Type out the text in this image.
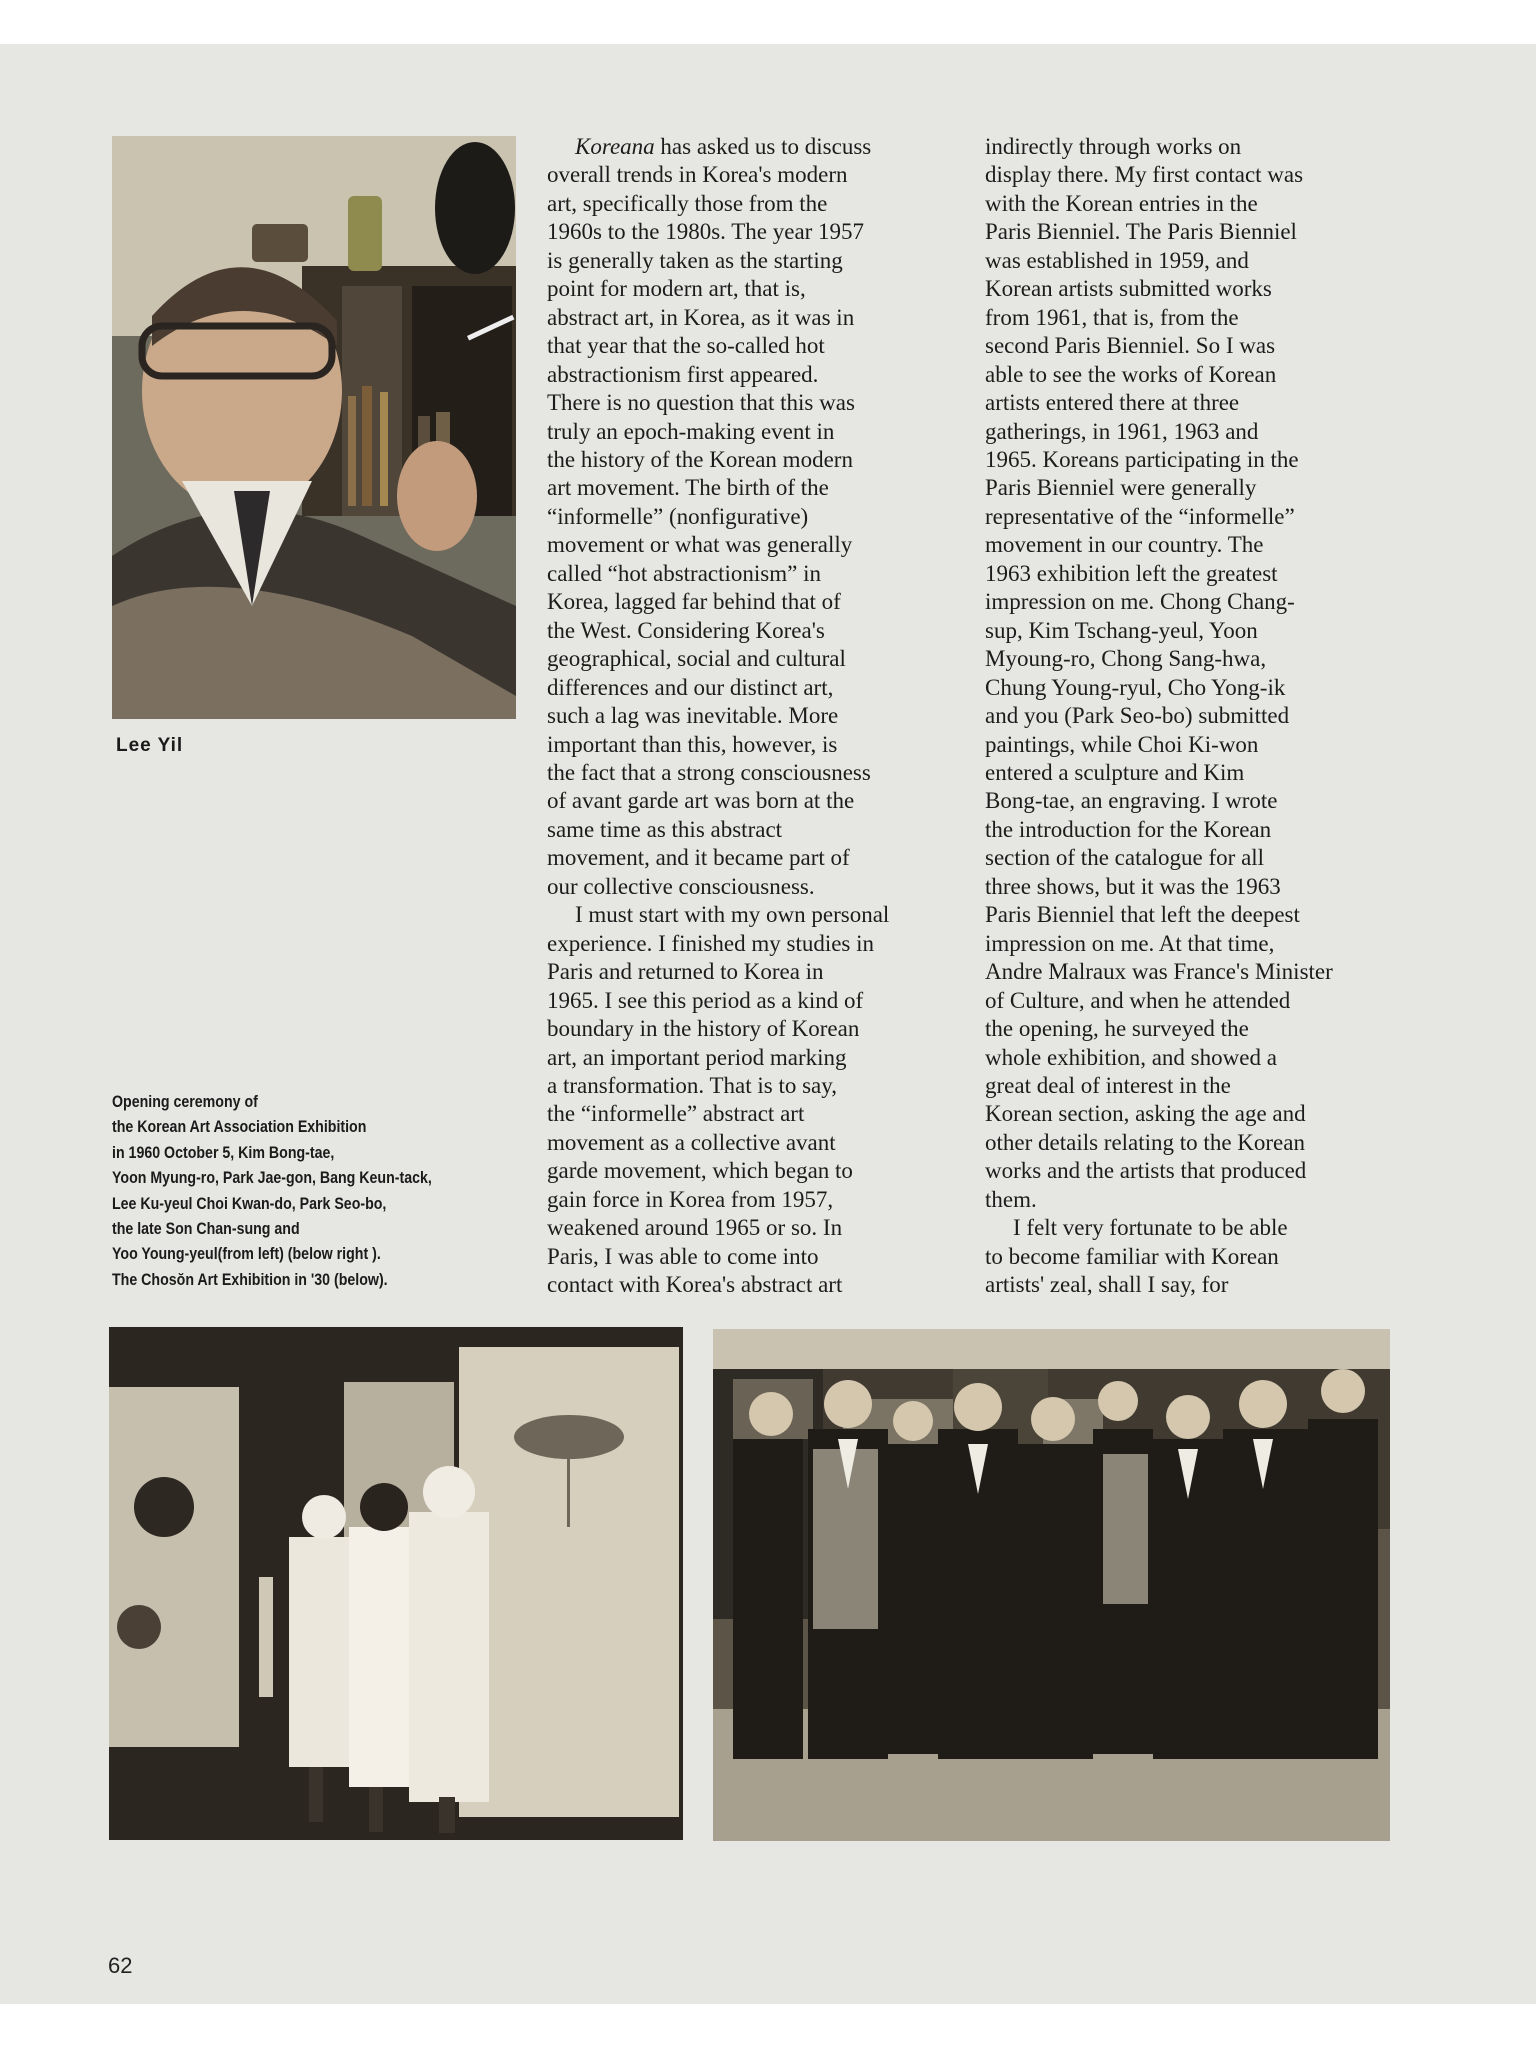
Lee Yil
Opening ceremony of
the Korean Art Association Exhibition
in 1960 October 5, Kim Bong-tae,
Yoon Myung-ro, Park Jae-gon, Bang Keun-tack,
Lee Ku-yeul Choi Kwan-do, Park Seo-bo,
the late Son Chan-sung and
Yoo Young-yeul(from left) (below right ).
The Chosŏn Art Exhibition in '30 (below).
Koreana has asked us to discuss
overall trends in Korea's modern
art, specifically those from the
1960s to the 1980s. The year 1957
is generally taken as the starting
point for modern art, that is,
abstract art, in Korea, as it was in
that year that the so-called hot
abstractionism first appeared.
There is no question that this was
truly an epoch-making event in
the history of the Korean modern
art movement. The birth of the
“informelle” (nonfigurative)
movement or what was generally
called “hot abstractionism” in
Korea, lagged far behind that of
the West. Considering Korea's
geographical, social and cultural
differences and our distinct art,
such a lag was inevitable. More
important than this, however, is
the fact that a strong consciousness
of avant garde art was born at the
same time as this abstract
movement, and it became part of
our collective consciousness.
I must start with my own personal
experience. I finished my studies in
Paris and returned to Korea in
1965. I see this period as a kind of
boundary in the history of Korean
art, an important period marking
a transformation. That is to say,
the “informelle” abstract art
movement as a collective avant
garde movement, which began to
gain force in Korea from 1957,
weakened around 1965 or so. In
Paris, I was able to come into
contact with Korea's abstract art
indirectly through works on
display there. My first contact was
with the Korean entries in the
Paris Bienniel. The Paris Bienniel
was established in 1959, and
Korean artists submitted works
from 1961, that is, from the
second Paris Bienniel. So I was
able to see the works of Korean
artists entered there at three
gatherings, in 1961, 1963 and
1965. Koreans participating in the
Paris Bienniel were generally
representative of the “informelle”
movement in our country. The
1963 exhibition left the greatest
impression on me. Chong Chang-
sup, Kim Tschang-yeul, Yoon
Myoung-ro, Chong Sang-hwa,
Chung Young-ryul, Cho Yong-ik
and you (Park Seo-bo) submitted
paintings, while Choi Ki-won
entered a sculpture and Kim
Bong-tae, an engraving. I wrote
the introduction for the Korean
section of the catalogue for all
three shows, but it was the 1963
Paris Bienniel that left the deepest
impression on me. At that time,
Andre Malraux was France's Minister
of Culture, and when he attended
the opening, he surveyed the
whole exhibition, and showed a
great deal of interest in the
Korean section, asking the age and
other details relating to the Korean
works and the artists that produced
them.
I felt very fortunate to be able
to become familiar with Korean
artists' zeal, shall I say, for
62
